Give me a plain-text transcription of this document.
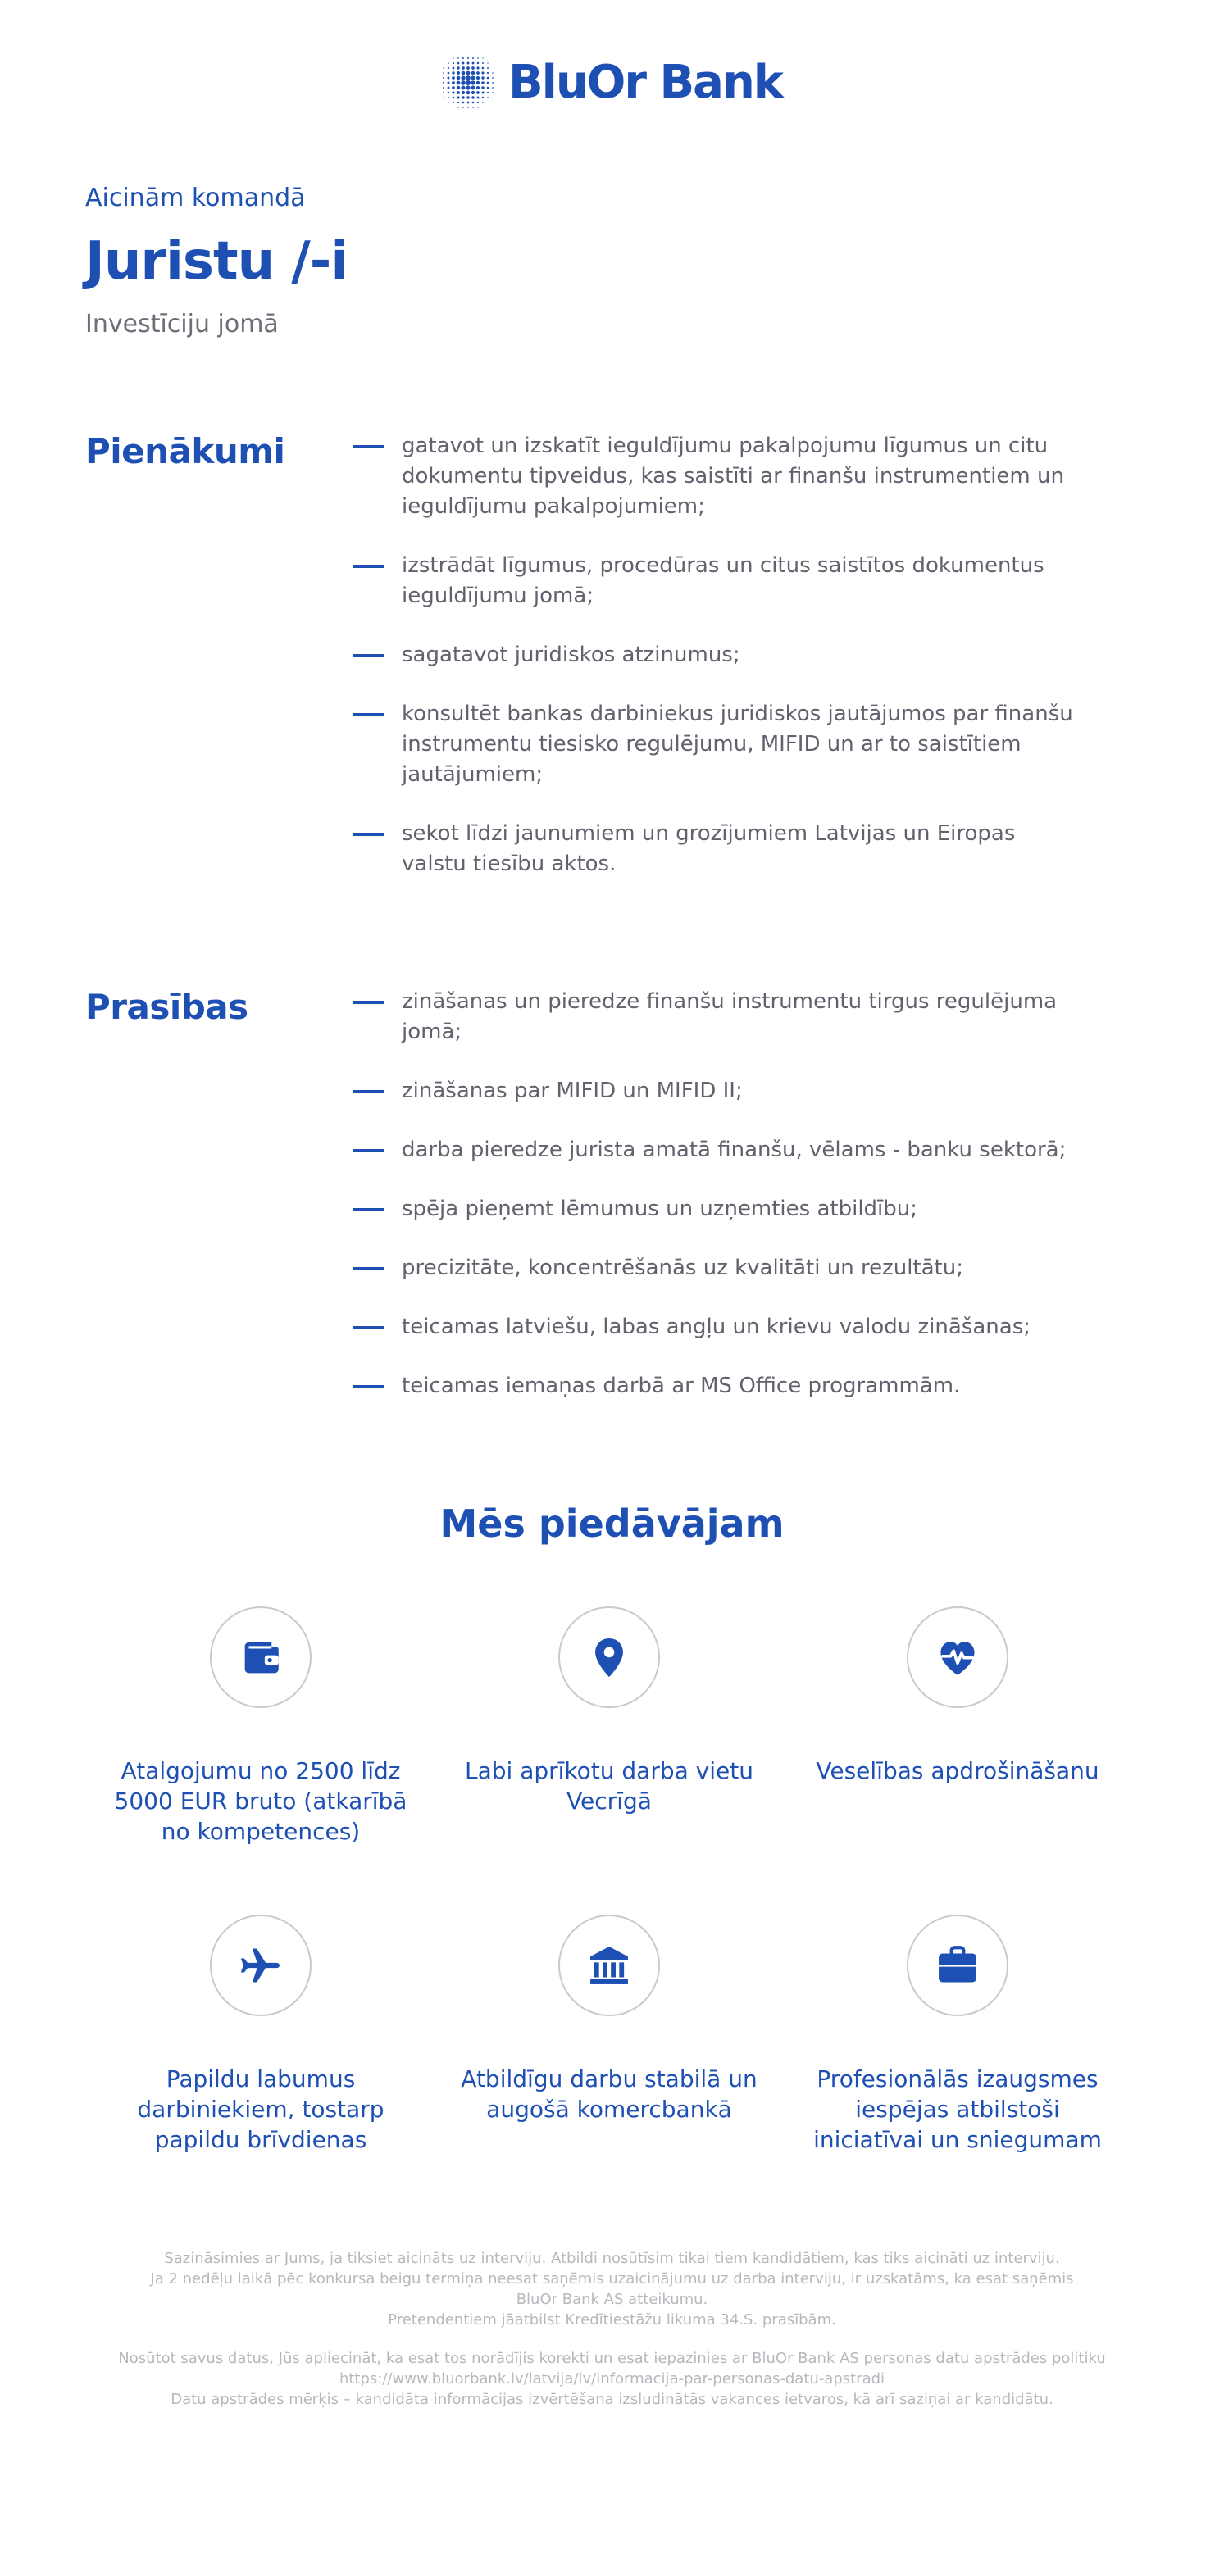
BluOr Bank
Aicinām komandā
Juristu /-i
Investīciju jomā
Pienākumi	gatavot un izskatīt ieguldījumu pakalpojumu līgumus un citu dokumentu tipveidus, kas saistīti ar finanšu instrumentiem un ieguldījumu pakalpojumiem;
izstrādāt līgumus, procedūras un citus saistītos dokumentus ieguldījumu jomā;
sagatavot juridiskos atzinumus;
konsultēt bankas darbiniekus juridiskos jautājumos par finanšu instrumentu tiesisko regulējumu, MIFID un ar to saistītiem jautājumiem;
sekot līdzi jaunumiem un grozījumiem Latvijas un Eiropas valstu tiesību aktos.
Prasības	zināšanas un pieredze finanšu instrumentu tirgus regulējuma jomā;
zināšanas par MIFID un MIFID II;
darba pieredze jurista amatā finanšu, vēlams - banku sektorā;
spēja pieņemt lēmumus un uzņemties atbildību;
precizitāte, koncentrēšanās uz kvalitāti un rezultātu;
teicamas latviešu, labas angļu un krievu valodu zināšanas;
teicamas iemaņas darbā ar MS Office programmām.
Mēs piedāvājam
Atalgojumu no 2500 līdz 5000 EUR bruto (atkarībā no kompetences)
Labi aprīkotu darba vietu Vecrīgā
Veselības apdrošināšanu
Papildu labumus darbiniekiem, tostarp papildu brīvdienas
Atbildīgu darbu stabilā un augošā komercbankā
Profesionālās izaugsmes iespējas atbilstoši iniciatīvai un sniegumam
Sazināsimies ar Jums, ja tiksiet aicināts uz interviju. Atbildi nosūtīsim tikai tiem kandidātiem, kas tiks aicināti uz interviju.
Ja 2 nedēļu laikā pēc konkursa beigu termiņa neesat saņēmis uzaicinājumu uz darba interviju, ir uzskatāms, ka esat saņēmis
BluOr Bank AS atteikumu.
Pretendentiem jāatbilst Kredītiestāžu likuma 34.S. prasībām.
Nosūtot savus datus, Jūs apliecināt, ka esat tos norādījis korekti un esat iepazinies ar BluOr Bank AS personas datu apstrādes politiku
https://www.bluorbank.lv/latvija/lv/informacija-par-personas-datu-apstradi
Datu apstrādes mērķis – kandidāta informācijas izvērtēšana izsludinātās vakances ietvaros, kā arī saziņai ar kandidātu.
